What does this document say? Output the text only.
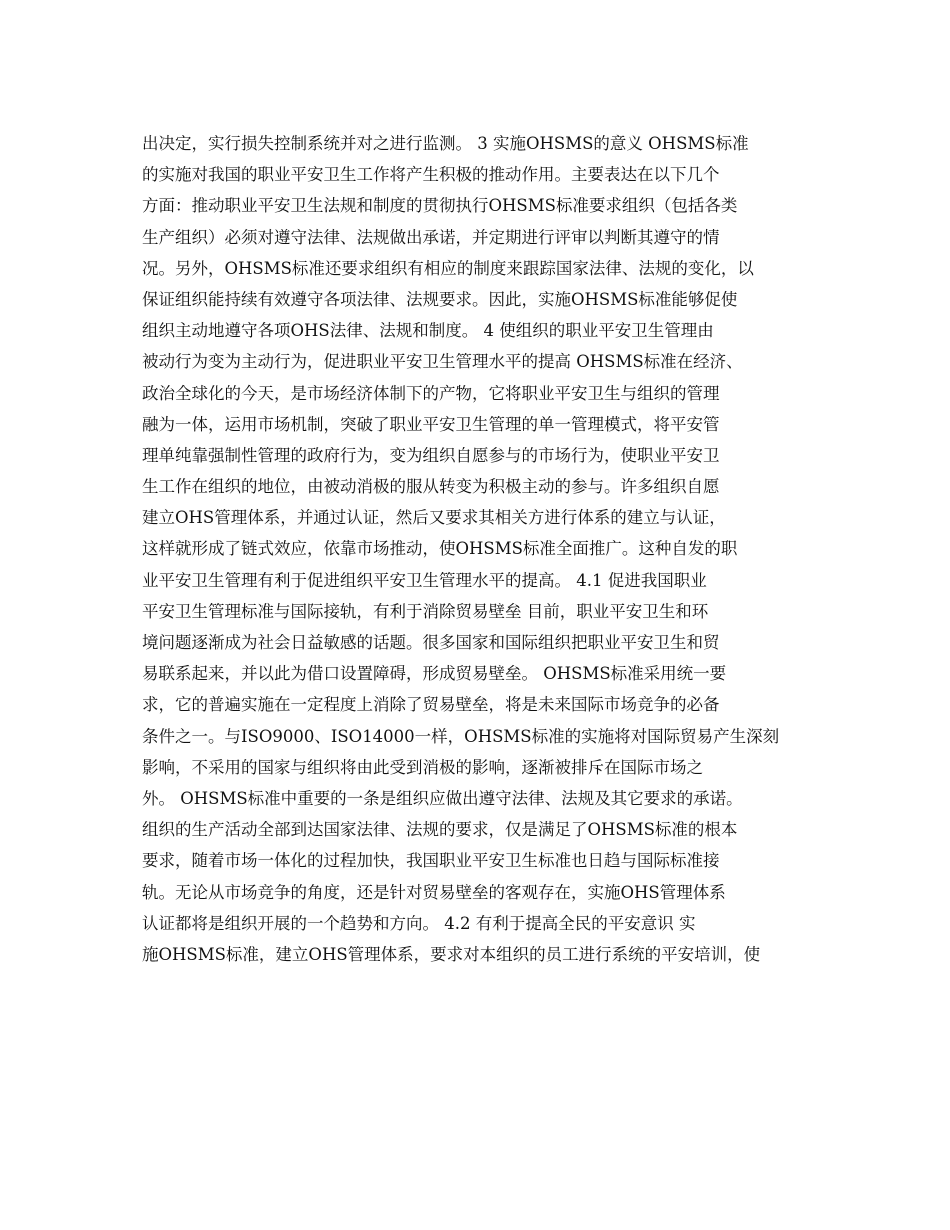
出决定，实行损失控制系统并对之进行监测。 3 实施OHSMS的意义 OHSMS标准
的实施对我国的职业平安卫生工作将产生积极的推动作用。主要表达在以下几个
方面：推动职业平安卫生法规和制度的贯彻执行OHSMS标准要求组织（包括各类
生产组织）必须对遵守法律、法规做出承诺，并定期进行评审以判断其遵守的情
况。另外，OHSMS标准还要求组织有相应的制度来跟踪国家法律、法规的变化，以
保证组织能持续有效遵守各项法律、法规要求。因此，实施OHSMS标准能够促使
组织主动地遵守各项OHS法律、法规和制度。 4 使组织的职业平安卫生管理由
被动行为变为主动行为，促进职业平安卫生管理水平的提高 OHSMS标准在经济、
政治全球化的今天，是市场经济体制下的产物，它将职业平安卫生与组织的管理
融为一体，运用市场机制，突破了职业平安卫生管理的单一管理模式，将平安管
理单纯靠强制性管理的政府行为，变为组织自愿参与的市场行为，使职业平安卫
生工作在组织的地位，由被动消极的服从转变为积极主动的参与。许多组织自愿
建立OHS管理体系，并通过认证，然后又要求其相关方进行体系的建立与认证，
这样就形成了链式效应，依靠市场推动，使OHSMS标准全面推广。这种自发的职
业平安卫生管理有利于促进组织平安卫生管理水平的提高。 4.1 促进我国职业
平安卫生管理标准与国际接轨，有利于消除贸易壁垒 目前，职业平安卫生和环
境问题逐渐成为社会日益敏感的话题。很多国家和国际组织把职业平安卫生和贸
易联系起来，并以此为借口设置障碍，形成贸易壁垒。 OHSMS标准采用统一要
求，它的普遍实施在一定程度上消除了贸易壁垒，将是未来国际市场竞争的必备
条件之一。与ISO9000、ISO14000一样，OHSMS标准的实施将对国际贸易产生深刻
影响，不采用的国家与组织将由此受到消极的影响，逐渐被排斥在国际市场之
外。 OHSMS标准中重要的一条是组织应做出遵守法律、法规及其它要求的承诺。
组织的生产活动全部到达国家法律、法规的要求，仅是满足了OHSMS标准的根本
要求，随着市场一体化的过程加快，我国职业平安卫生标准也日趋与国际标准接
轨。无论从市场竞争的角度，还是针对贸易壁垒的客观存在，实施OHS管理体系
认证都将是组织开展的一个趋势和方向。 4.2 有利于提高全民的平安意识 实
施OHSMS标准，建立OHS管理体系，要求对本组织的员工进行系统的平安培训，使
